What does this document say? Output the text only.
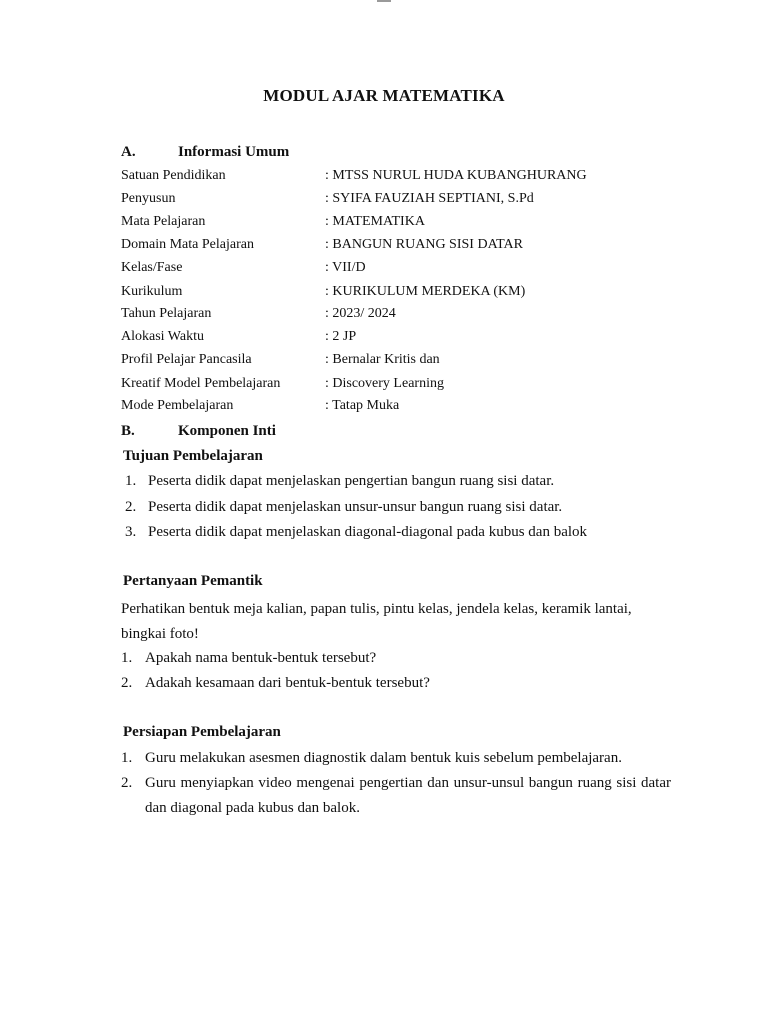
MODUL AJAR MATEMATIKA
A.	Informasi Umum
Satuan Pendidikan	: MTSS NURUL HUDA KUBANGHURANG
Penyusun	: SYIFA FAUZIAH SEPTIANI, S.Pd
Mata Pelajaran	: MATEMATIKA
Domain Mata Pelajaran	: BANGUN RUANG SISI DATAR
Kelas/Fase	: VII/D
Kurikulum	: KURIKULUM MERDEKA (KM)
Tahun Pelajaran	: 2023/ 2024
Alokasi Waktu	: 2 JP
Profil Pelajar Pancasila	: Bernalar Kritis dan
Kreatif Model Pembelajaran	: Discovery Learning
Mode Pembelajaran	: Tatap Muka
B.	Komponen Inti
Tujuan Pembelajaran
1. Peserta didik dapat menjelaskan pengertian bangun ruang sisi datar.
2. Peserta didik dapat menjelaskan unsur-unsur bangun ruang sisi datar.
3. Peserta didik dapat menjelaskan diagonal-diagonal pada kubus dan balok
Pertanyaan Pemantik
Perhatikan bentuk meja kalian, papan tulis, pintu kelas, jendela kelas, keramik lantai, bingkai foto!
1. Apakah nama bentuk-bentuk tersebut?
2. Adakah kesamaan dari bentuk-bentuk tersebut?
Persiapan Pembelajaran
1. Guru melakukan asesmen diagnostik dalam bentuk kuis sebelum pembelajaran.
2. Guru menyiapkan video mengenai pengertian dan unsur-unsul bangun ruang sisi datar dan diagonal pada kubus dan balok.
